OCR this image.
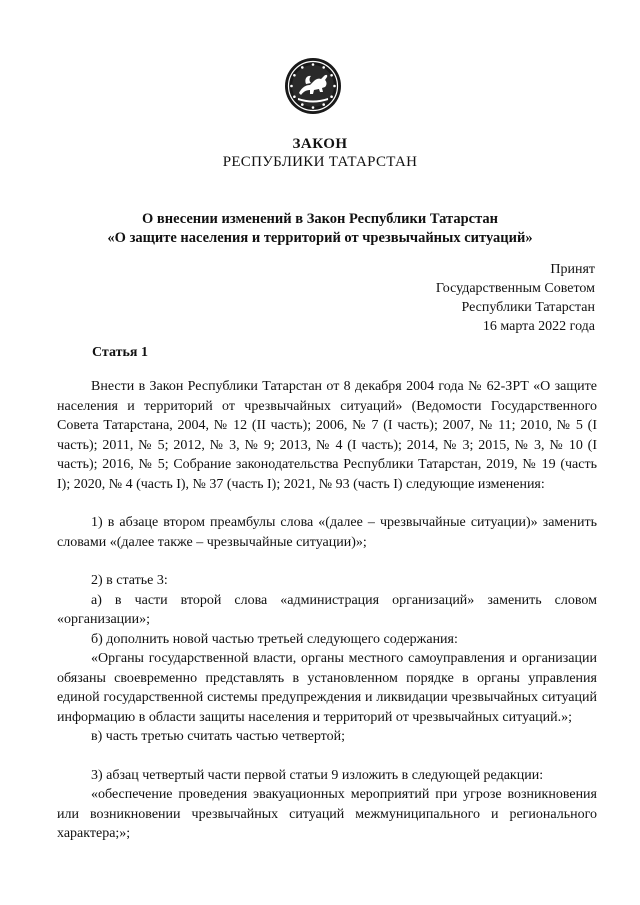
ЗАКОН
РЕСПУБЛИКИ ТАТАРСТАН
О внесении изменений в Закон Республики Татарстан
«О защите населения и территорий от чрезвычайных ситуаций»
Принят
Государственным Советом
Республики Татарстан
16 марта 2022 года
Статья 1

Внести в Закон Республики Татарстан от 8 декабря 2004 года № 62-ЗРТ «О защите населения и территорий от чрезвычайных ситуаций» (Ведомости Государственного Совета Татарстана, 2004, № 12 (II часть); 2006, № 7 (I часть); 2007, № 11; 2010, № 5 (I часть); 2011, № 5; 2012, № 3, № 9; 2013, № 4 (I часть); 2014, № 3; 2015, № 3, № 10 (I часть); 2016, № 5; Собрание законодательства Республики Татарстан, 2019, № 19 (часть I); 2020, № 4 (часть I), № 37 (часть I); 2021, № 93 (часть I) следующие изменения:

1) в абзаце втором преамбулы слова «(далее – чрезвычайные ситуации)» заменить словами «(далее также – чрезвычайные ситуации)»;

2) в статье 3:

а) в части второй слова «администрация организаций» заменить словом «организации»;

б) дополнить новой частью третьей следующего содержания:

«Органы государственной власти, органы местного самоуправления и организации обязаны своевременно представлять в установленном порядке в органы управления единой государственной системы предупреждения и ликвидации чрезвычайных ситуаций информацию в области защиты населения и территорий от чрезвычайных ситуаций.»;

в) часть третью считать частью четвертой;

3) абзац четвертый части первой статьи 9 изложить в следующей редакции:

«обеспечение проведения эвакуационных мероприятий при угрозе возникновения или возникновении чрезвычайных ситуаций межмуниципального и регионального характера;»;
